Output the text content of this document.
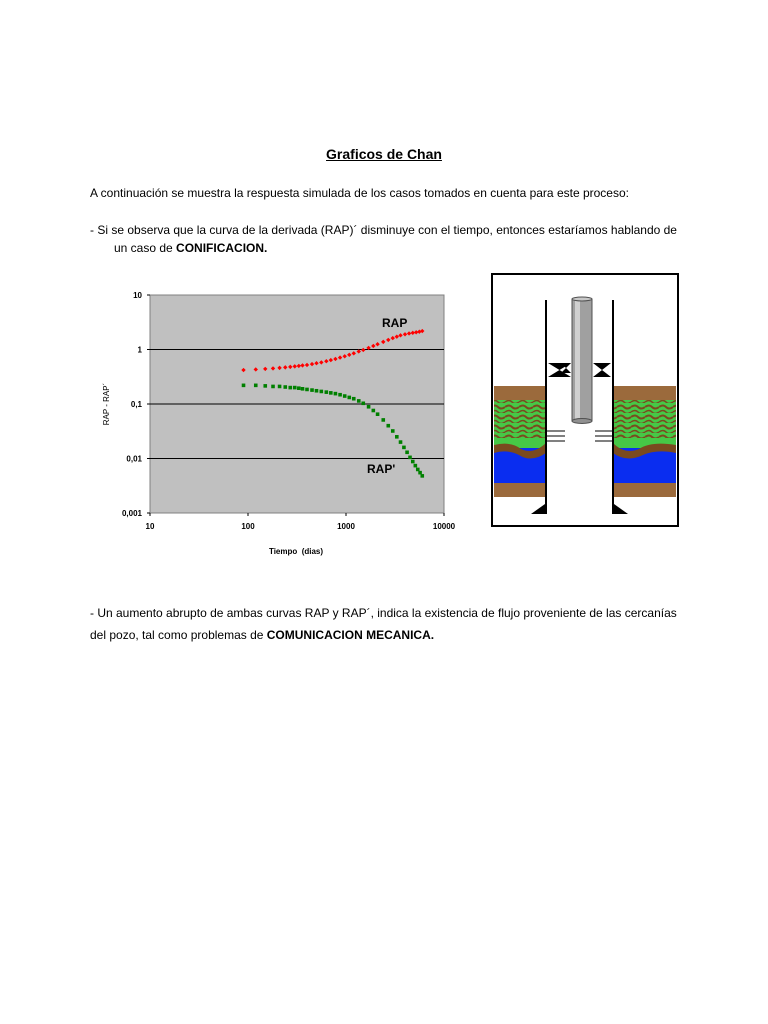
Graficos de Chan

A continuación se muestra la respuesta simulada de los casos tomados en cuenta para este proceso:

- Si se observa que la curva de la derivada (RAP)´ disminuye con el tiempo, entonces estaríamos hablando de
un caso de CONIFICACION.

0,001
0,01
0,1
1
10
10	100	1000	10000
RAP
RAP'
RAP - RAP´
Tiempo  (dias)

- Un aumento abrupto de ambas curvas RAP y RAP´, indica la existencia de flujo proveniente de las cercanías del pozo, tal como problemas de COMUNICACION MECANICA.
